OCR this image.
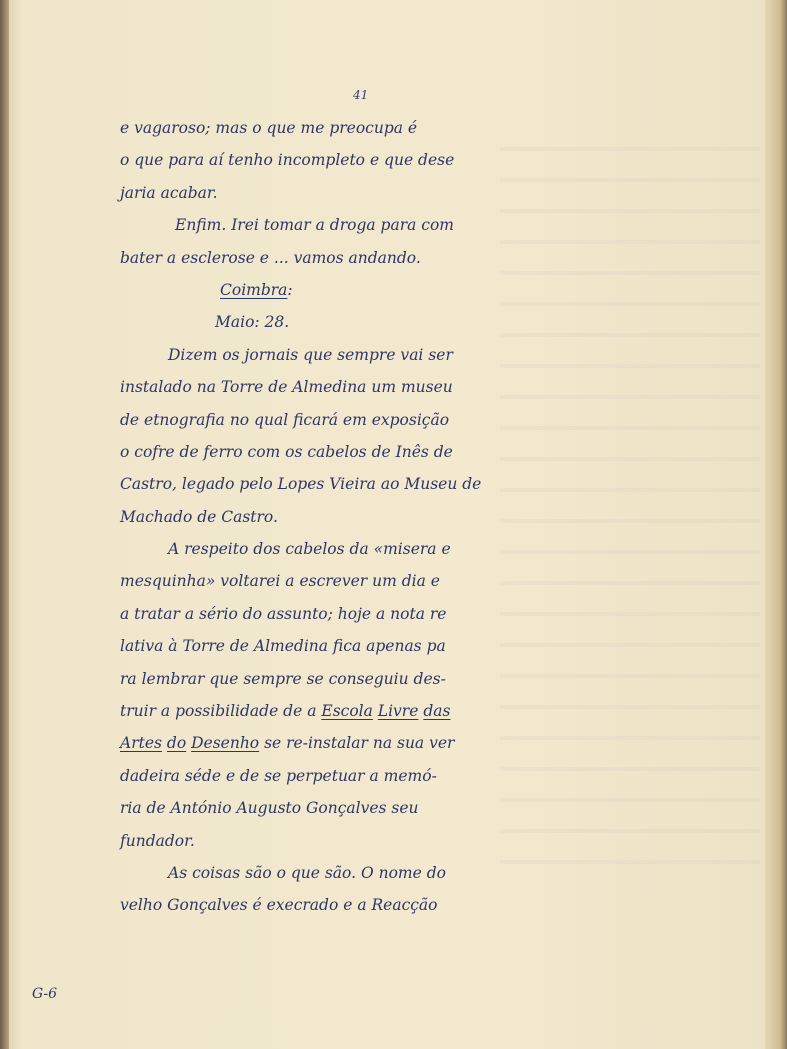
41
e vagaroso; mas o que me preocupa é
o que para aí tenho incompleto e que dese
jaria acabar.
Enfim. Irei tomar a droga para com
bater a esclerose e ... vamos andando.
Coimbra:
Maio: 28.
Dizem os jornais que sempre vai ser
instalado na Torre de Almedina um museu
de etnografia no qual ficará em exposição
o cofre de ferro com os cabelos de Inês de
Castro, legado pelo Lopes Vieira ao Museu de
Machado de Castro.
A respeito dos cabelos da «misera e
mesquinha» voltarei a escrever um dia e
a tratar a sério do assunto; hoje a nota re
lativa à Torre de Almedina fica apenas pa
ra lembrar que sempre se conseguiu des-
truir a possibilidade de a Escola Livre das
Artes do Desenho se re-instalar na sua ver
dadeira séde e de se perpetuar a memó-
ria de António Augusto Gonçalves seu
fundador.
As coisas são o que são. O nome do
velho Gonçalves é execrado e a Reacção
G-6
